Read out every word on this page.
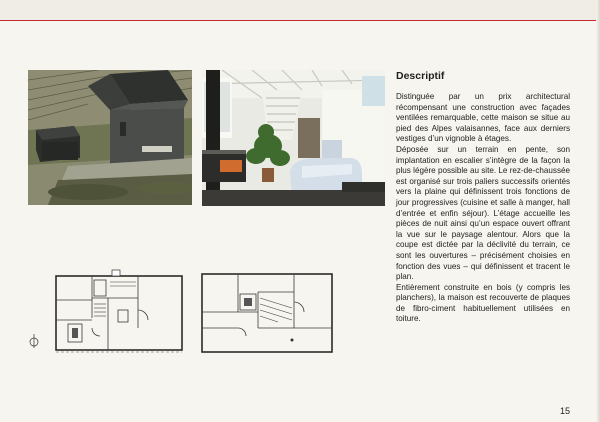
Descriptif

Distinguée par un prix architectural récompensant une construction avec façades ventilées remarquable, cette maison se situe au pied des Alpes valaisannes, face aux derniers vestiges d’un vignoble à étages.

Déposée sur un terrain en pente, son implantation en escalier s’intègre de la façon la plus légère possible au site. Le rez-de-chaussée est organisé sur trois paliers successifs orientés vers la plaine qui définissent trois fonctions de jour progressives (cuisine et salle à manger, hall d’entrée et enfin séjour). L’étage accueille les pièces de nuit ainsi qu’un espace ouvert offrant la vue sur le paysage alentour. Alors que la coupe est dictée par la déclivité du terrain, ce sont les ouvertures – précisément choisies en fonction des vues – qui définissent et tracent le plan.

Entièrement construite en bois (y compris les planchers), la maison est recouverte de plaques de fibro-ciment habituellement utilisées en toiture.

15
